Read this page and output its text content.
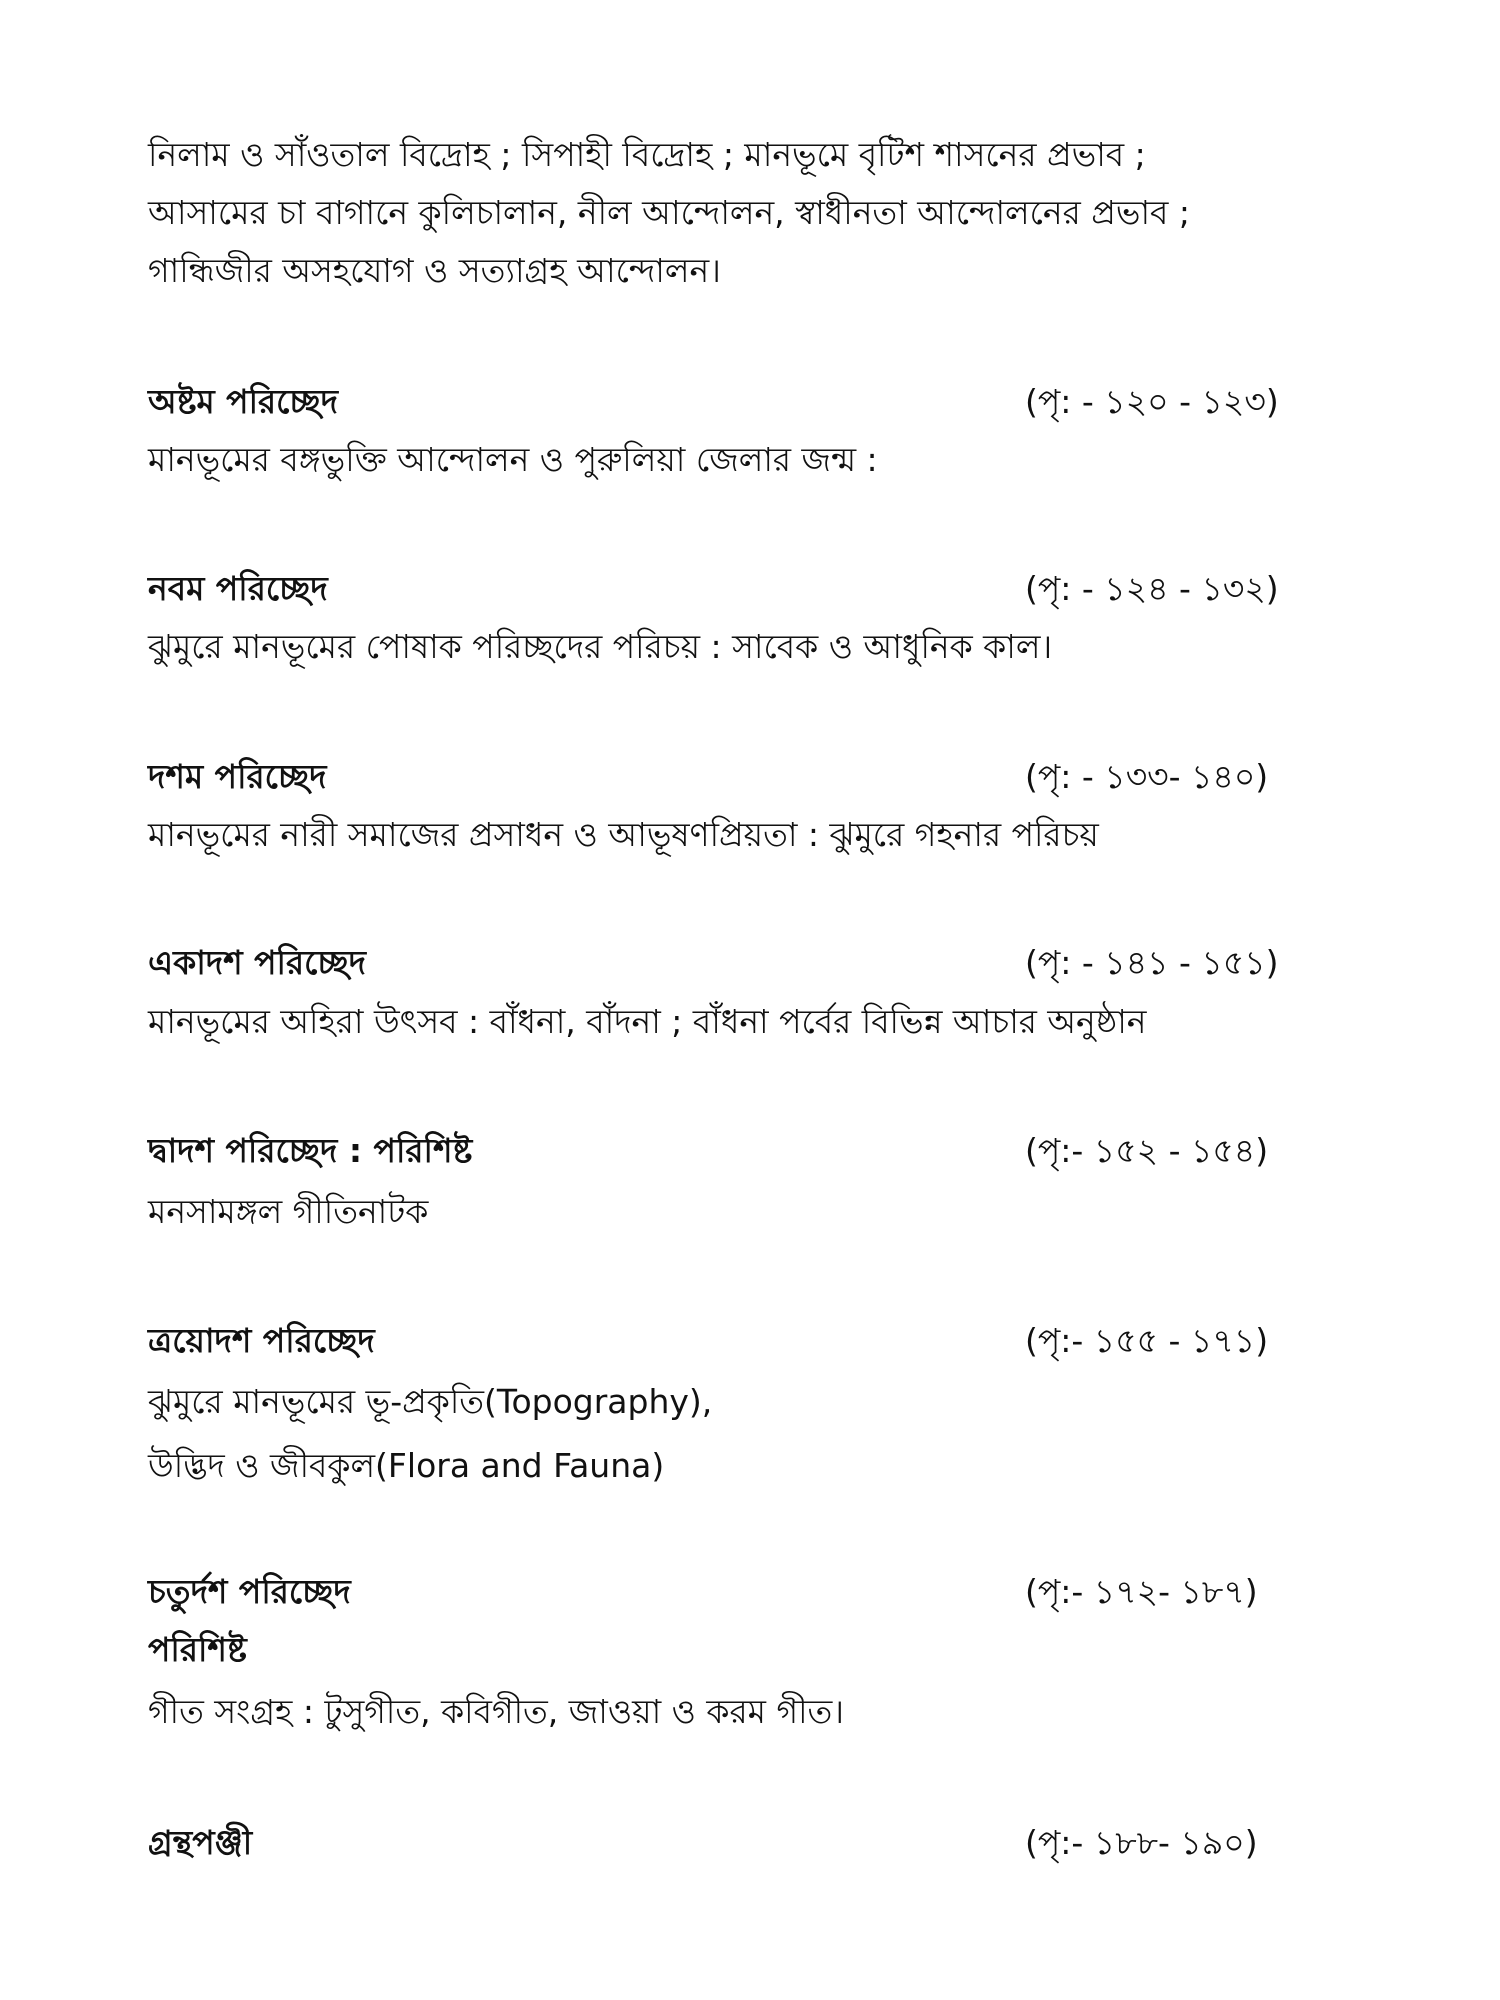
নিলাম ও সাঁওতাল বিদ্রোহ ; সিপাহী বিদ্রোহ ; মানভূমে বৃটিশ শাসনের প্রভাব ;
আসামের চা বাগানে কুলিচালান, নীল আন্দোলন, স্বাধীনতা আন্দোলনের প্রভাব ;
গান্ধিজীর অসহযোগ ও সত্যাগ্রহ আন্দোলন।
অষ্টম পরিচ্ছেদ	(পৃ: - ১২০ - ১২৩)
মানভূমের বঙ্গভুক্তি আন্দোলন ও পুরুলিয়া জেলার জন্ম :
নবম পরিচ্ছেদ	(পৃ: - ১২৪ - ১৩২)
ঝুমুরে মানভূমের পোষাক পরিচ্ছদের পরিচয় : সাবেক ও আধুনিক কাল।
দশম পরিচ্ছেদ	(পৃ: - ১৩৩- ১৪০)
মানভূমের নারী সমাজের প্রসাধন ও আভূষণপ্রিয়তা : ঝুমুরে গহনার পরিচয়
একাদশ পরিচ্ছেদ	(পৃ: - ১৪১ - ১৫১)
মানভূমের অহিরা উৎসব : বাঁধনা, বাঁদনা ; বাঁধনা পর্বের বিভিন্ন আচার অনুষ্ঠান
দ্বাদশ পরিচ্ছেদ : পরিশিষ্ট	(পৃ:- ১৫২ - ১৫৪)
মনসামঙ্গল গীতিনাটক
ত্রয়োদশ পরিচ্ছেদ	(পৃ:- ১৫৫ - ১৭১)
ঝুমুরে মানভূমের ভূ-প্রকৃতি(Topography),
উদ্ভিদ ও জীবকুল(Flora and Fauna)
চতুর্দশ পরিচ্ছেদ	(পৃ:- ১৭২- ১৮৭)
পরিশিষ্ট
গীত সংগ্রহ : টুসুগীত, কবিগীত, জাওয়া ও করম গীত।
গ্রন্থপঞ্জী	(পৃ:- ১৮৮- ১৯০)
